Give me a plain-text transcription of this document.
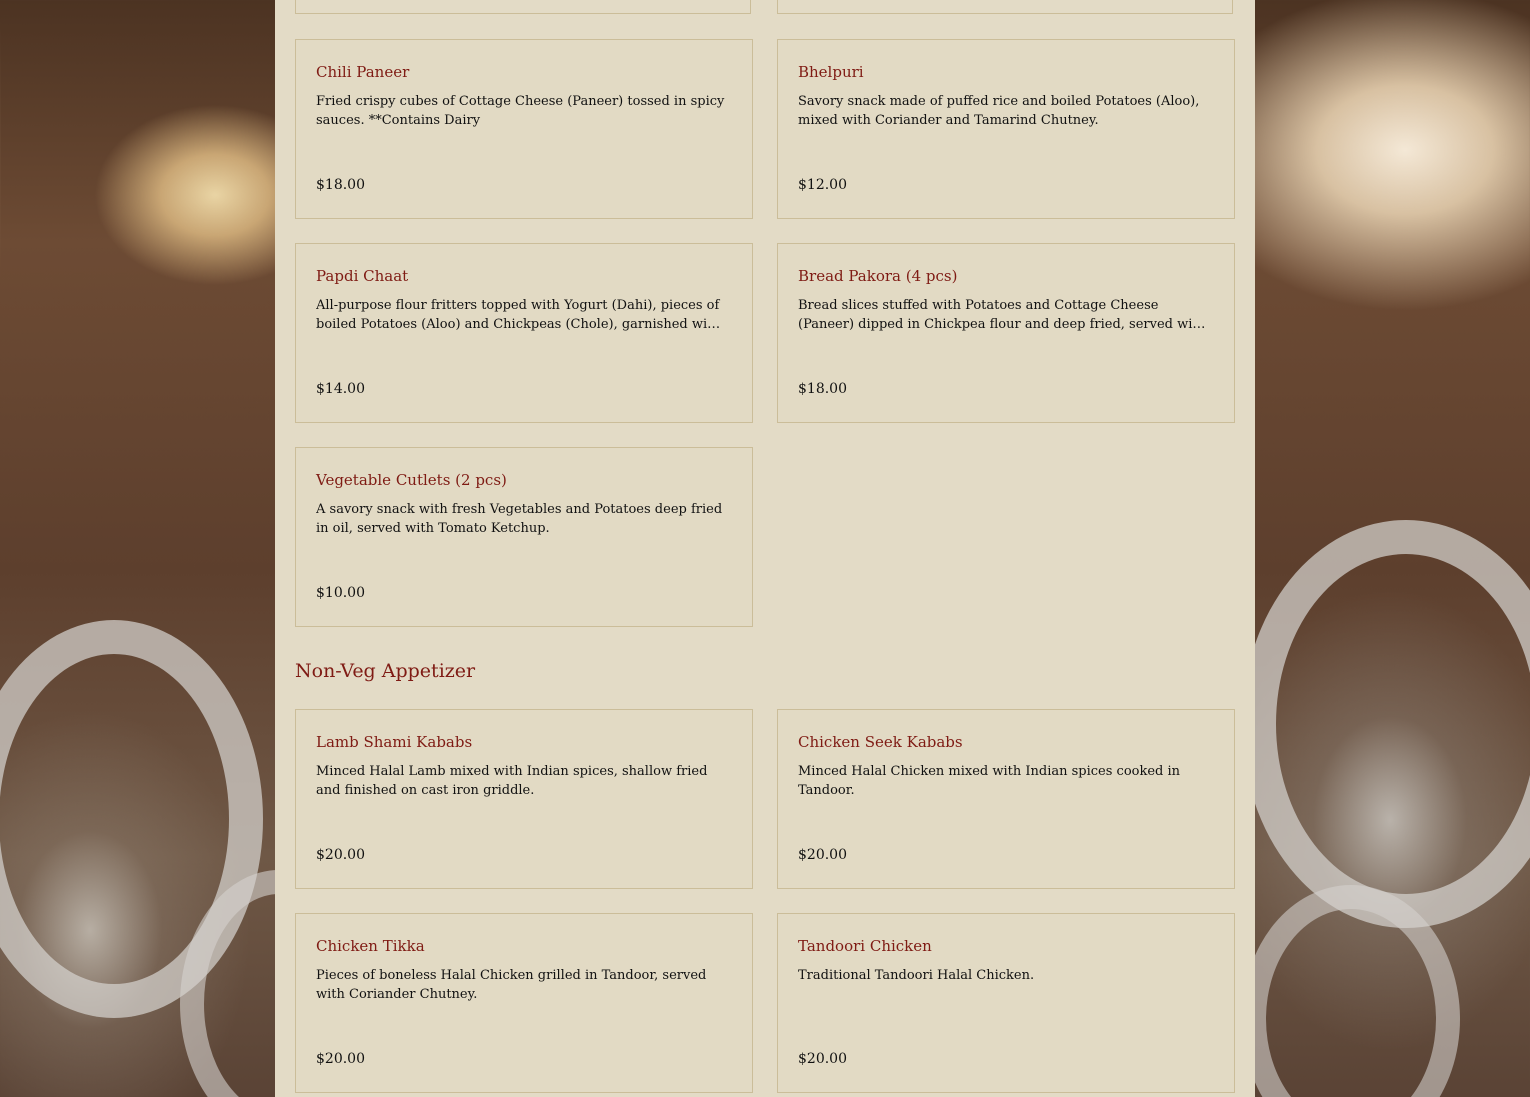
Chili Paneer
Fried crispy cubes of Cottage Cheese (Paneer) tossed in spicy sauces. **Contains Dairy
$18.00
Bhelpuri
Savory snack made of puffed rice and boiled Potatoes (Aloo), mixed with Coriander and Tamarind Chutney.
$12.00
Papdi Chaat
All-purpose flour fritters topped with Yogurt (Dahi), pieces of boiled Potatoes (Aloo) and Chickpeas (Chole), garnished wi…
$14.00
Bread Pakora (4 pcs)
Bread slices stuffed with Potatoes and Cottage Cheese (Paneer) dipped in Chickpea flour and deep fried, served wi…
$18.00
Vegetable Cutlets (2 pcs)
A savory snack with fresh Vegetables and Potatoes deep fried in oil, served with Tomato Ketchup.
$10.00
Non-Veg Appetizer
Lamb Shami Kababs
Minced Halal Lamb mixed with Indian spices, shallow fried and finished on cast iron griddle.
$20.00
Chicken Seek Kababs
Minced Halal Chicken mixed with Indian spices cooked in Tandoor.
$20.00
Chicken Tikka
Pieces of boneless Halal Chicken grilled in Tandoor, served with Coriander Chutney.
$20.00
Tandoori Chicken
Traditional Tandoori Halal Chicken.
$20.00
